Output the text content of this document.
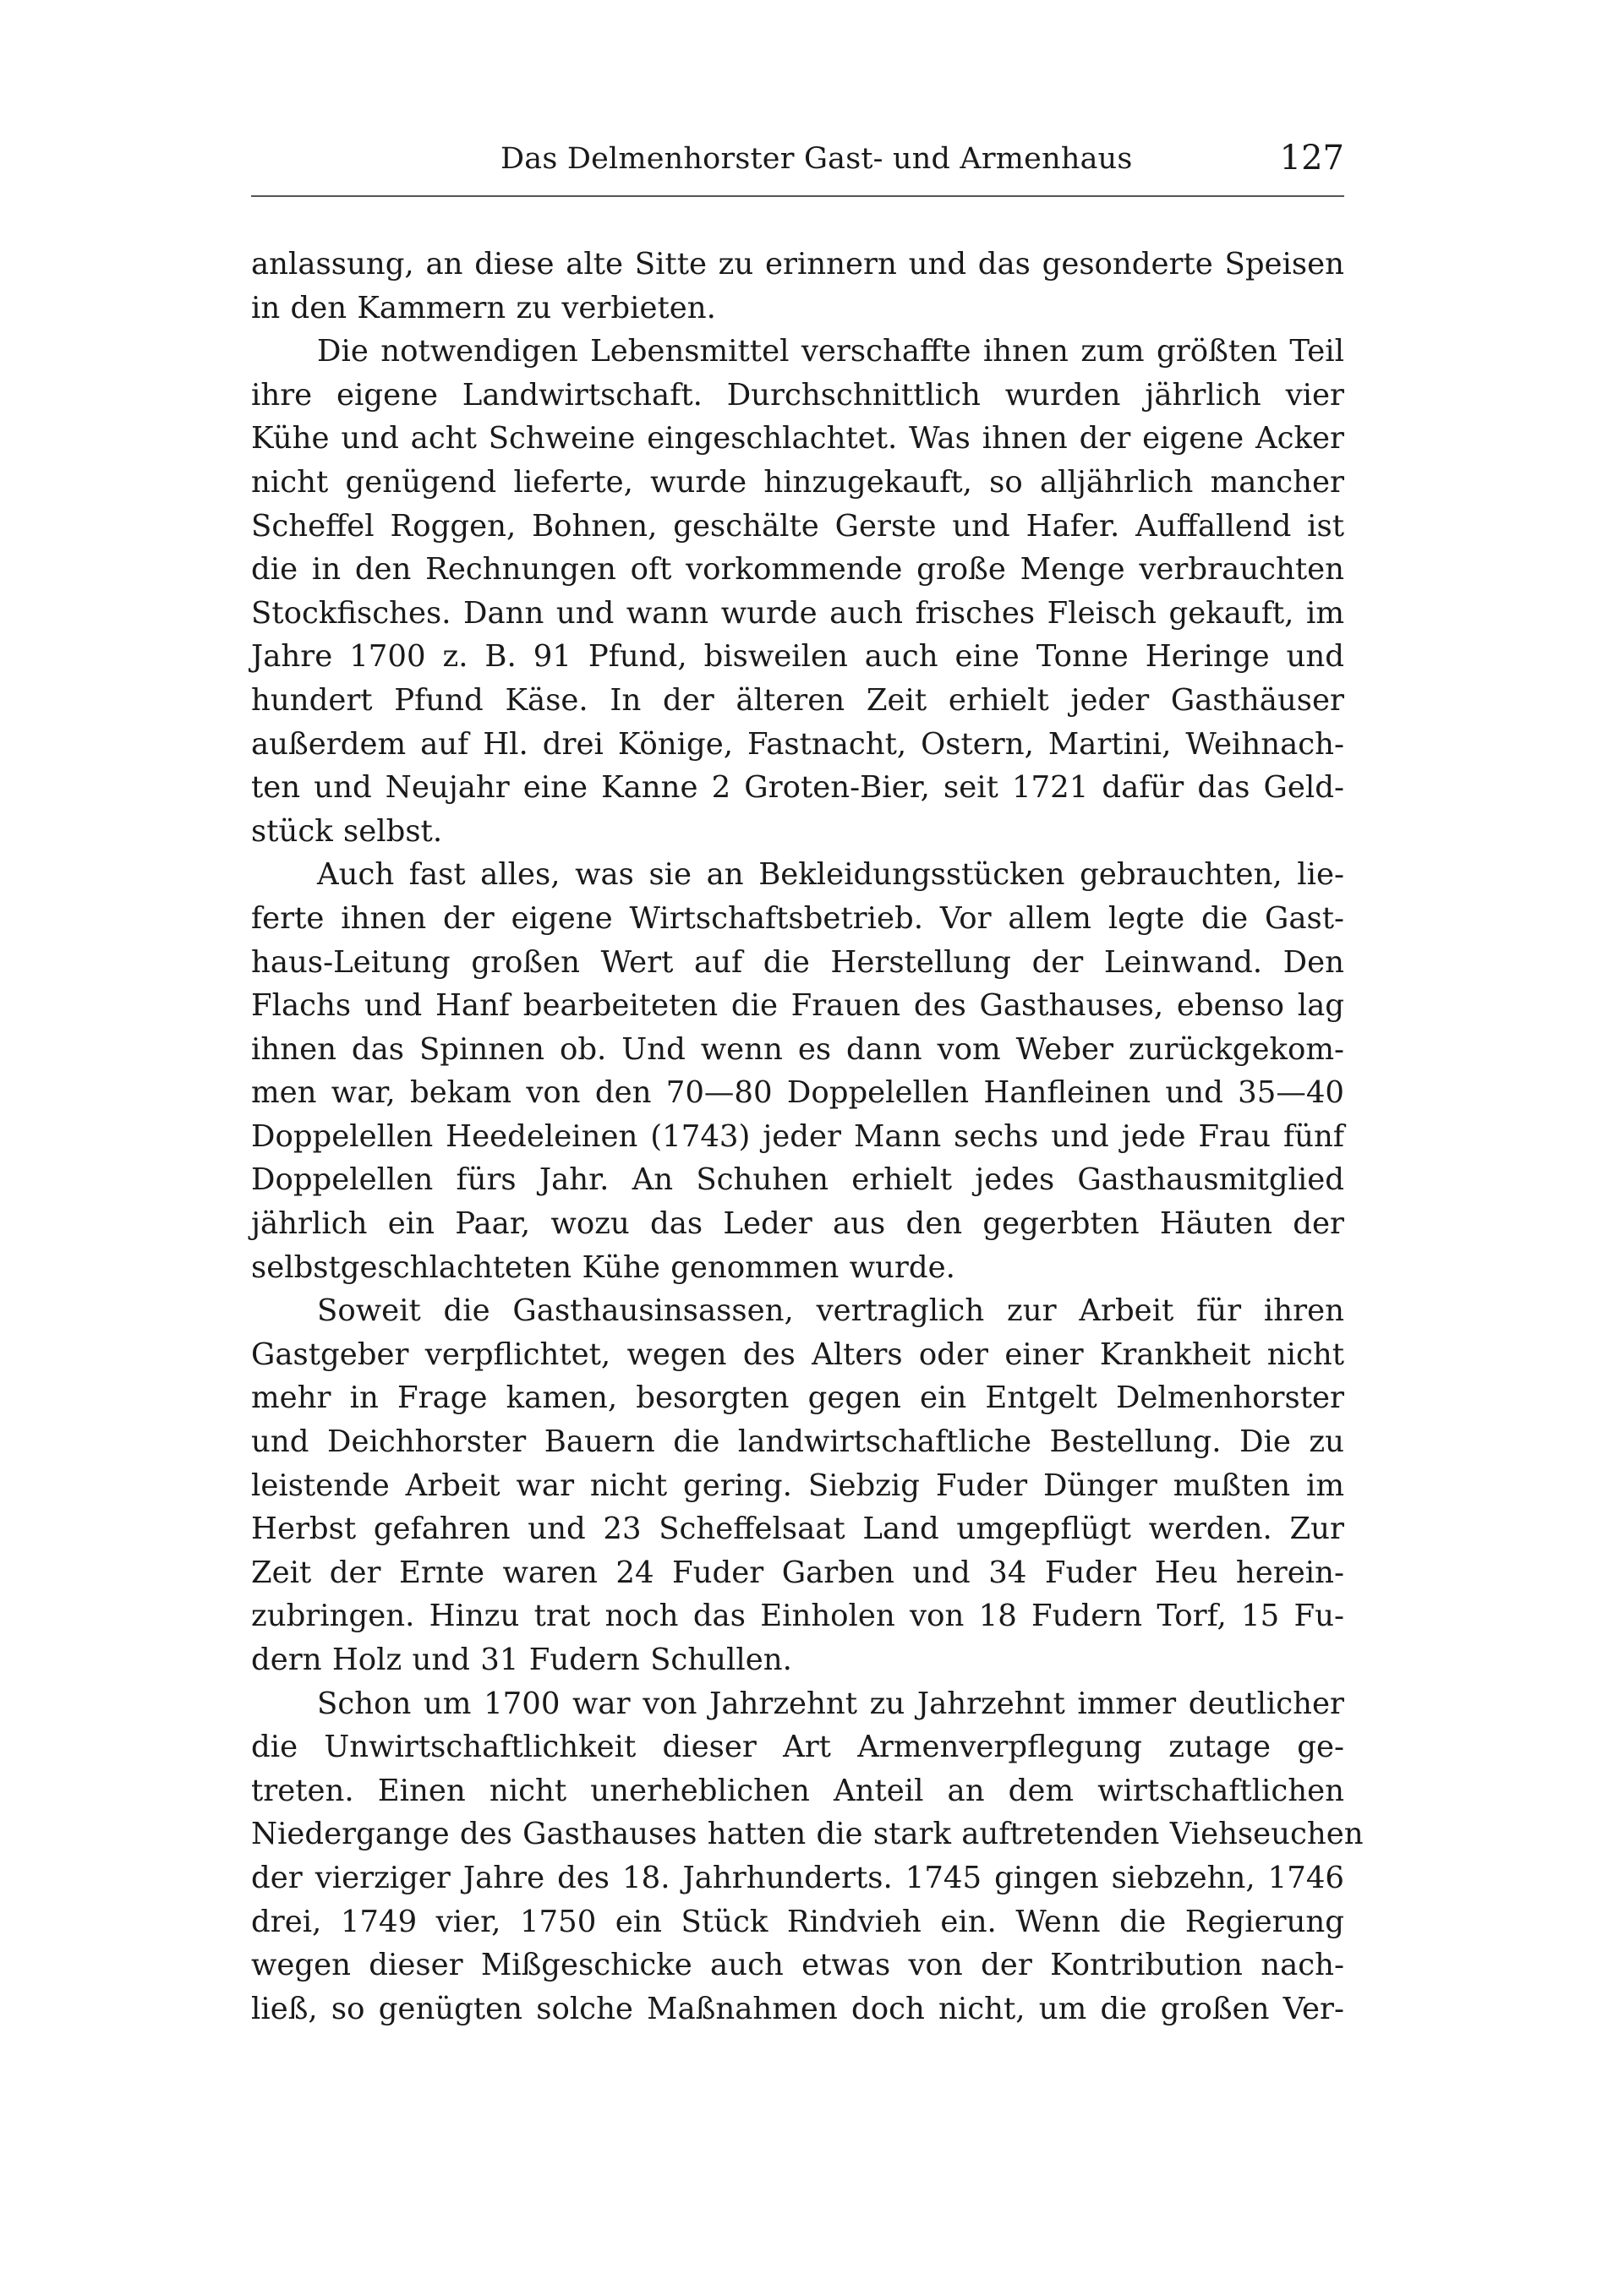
Das Delmenhorster Gast- und Armenhaus	127
anlassung, an diese alte Sitte zu erinnern und das gesonderte Speisen
in den Kammern zu verbieten.
Die notwendigen Lebensmittel verschaffte ihnen zum größten Teil
ihre eigene Landwirtschaft. Durchschnittlich wurden jährlich vier
Kühe und acht Schweine eingeschlachtet. Was ihnen der eigene Acker
nicht genügend lieferte, wurde hinzugekauft, so alljährlich mancher
Scheffel Roggen, Bohnen, geschälte Gerste und Hafer. Auffallend ist
die in den Rechnungen oft vorkommende große Menge verbrauchten
Stockfisches. Dann und wann wurde auch frisches Fleisch gekauft, im
Jahre 1700 z. B. 91 Pfund, bisweilen auch eine Tonne Heringe und
hundert Pfund Käse. In der älteren Zeit erhielt jeder Gasthäuser
außerdem auf Hl. drei Könige, Fastnacht, Ostern, Martini, Weihnach-
ten und Neujahr eine Kanne 2 Groten-Bier, seit 1721 dafür das Geld-
stück selbst.
Auch fast alles, was sie an Bekleidungsstücken gebrauchten, lie-
ferte ihnen der eigene Wirtschaftsbetrieb. Vor allem legte die Gast-
haus-Leitung großen Wert auf die Herstellung der Leinwand. Den
Flachs und Hanf bearbeiteten die Frauen des Gasthauses, ebenso lag
ihnen das Spinnen ob. Und wenn es dann vom Weber zurückgekom-
men war, bekam von den 70—80 Doppelellen Hanfleinen und 35—40
Doppelellen Heedeleinen (1743) jeder Mann sechs und jede Frau fünf
Doppelellen fürs Jahr. An Schuhen erhielt jedes Gasthausmitglied
jährlich ein Paar, wozu das Leder aus den gegerbten Häuten der
selbstgeschlachteten Kühe genommen wurde.
Soweit die Gasthausinsassen, vertraglich zur Arbeit für ihren
Gastgeber verpflichtet, wegen des Alters oder einer Krankheit nicht
mehr in Frage kamen, besorgten gegen ein Entgelt Delmenhorster
und Deichhorster Bauern die landwirtschaftliche Bestellung. Die zu
leistende Arbeit war nicht gering. Siebzig Fuder Dünger mußten im
Herbst gefahren und 23 Scheffelsaat Land umgepflügt werden. Zur
Zeit der Ernte waren 24 Fuder Garben und 34 Fuder Heu herein-
zubringen. Hinzu trat noch das Einholen von 18 Fudern Torf, 15 Fu-
dern Holz und 31 Fudern Schullen.
Schon um 1700 war von Jahrzehnt zu Jahrzehnt immer deutlicher
die Unwirtschaftlichkeit dieser Art Armenverpflegung zutage ge-
treten. Einen nicht unerheblichen Anteil an dem wirtschaftlichen
Niedergange des Gasthauses hatten die stark auftretenden Viehseuchen
der vierziger Jahre des 18. Jahrhunderts. 1745 gingen siebzehn, 1746
drei, 1749 vier, 1750 ein Stück Rindvieh ein. Wenn die Regierung
wegen dieser Mißgeschicke auch etwas von der Kontribution nach-
ließ, so genügten solche Maßnahmen doch nicht, um die großen Ver-
